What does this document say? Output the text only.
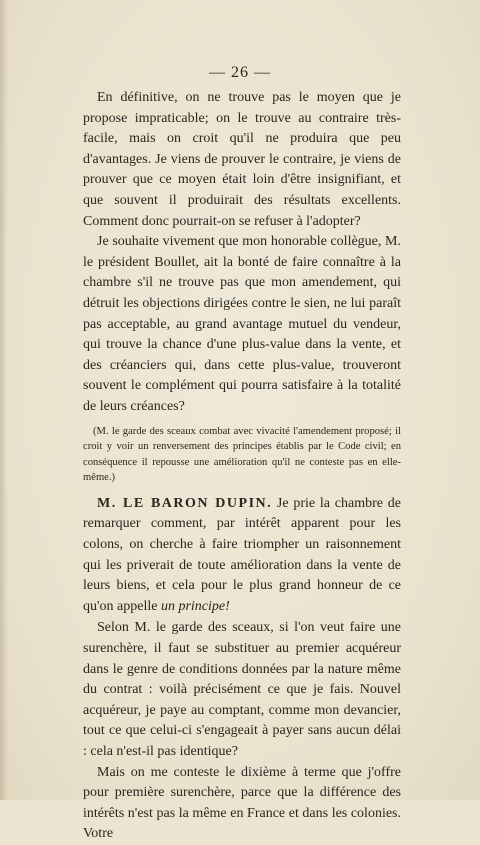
— 26 —

En définitive, on ne trouve pas le moyen que je propose impraticable; on le trouve au contraire très-facile, mais on croit qu'il ne produira que peu d'avantages. Je viens de prouver le contraire, je viens de prouver que ce moyen était loin d'être insignifiant, et que souvent il produirait des résultats excellents. Comment donc pourrait-on se refuser à l'adopter?

Je souhaite vivement que mon honorable collègue, M. le président Boullet, ait la bonté de faire connaître à la chambre s'il ne trouve pas que mon amendement, qui détruit les objections dirigées contre le sien, ne lui paraît pas acceptable, au grand avantage mutuel du vendeur, qui trouve la chance d'une plus-value dans la vente, et des créanciers qui, dans cette plus-value, trouveront souvent le complément qui pourra satisfaire à la totalité de leurs créances?

(M. le garde des sceaux combat avec vivacité l'amendement proposé; il croit y voir un renversement des principes établis par le Code civil; en conséquence il repousse une amélioration qu'il ne conteste pas en elle-même.)

M. LE BARON DUPIN. Je prie la chambre de remarquer comment, par intérêt apparent pour les colons, on cherche à faire triompher un raisonnement qui les priverait de toute amélioration dans la vente de leurs biens, et cela pour le plus grand honneur de ce qu'on appelle un principe!

Selon M. le garde des sceaux, si l'on veut faire une surenchère, il faut se substituer au premier acquéreur dans le genre de conditions données par la nature même du contrat : voilà précisément ce que je fais. Nouvel acquéreur, je paye au comptant, comme mon devancier, tout ce que celui-ci s'engageait à payer sans aucun délai : cela n'est-il pas identique?

Mais on me conteste le dixième à terme que j'offre pour première surenchère, parce que la différence des intérêts n'est pas la même en France et dans les colonies. Votre
